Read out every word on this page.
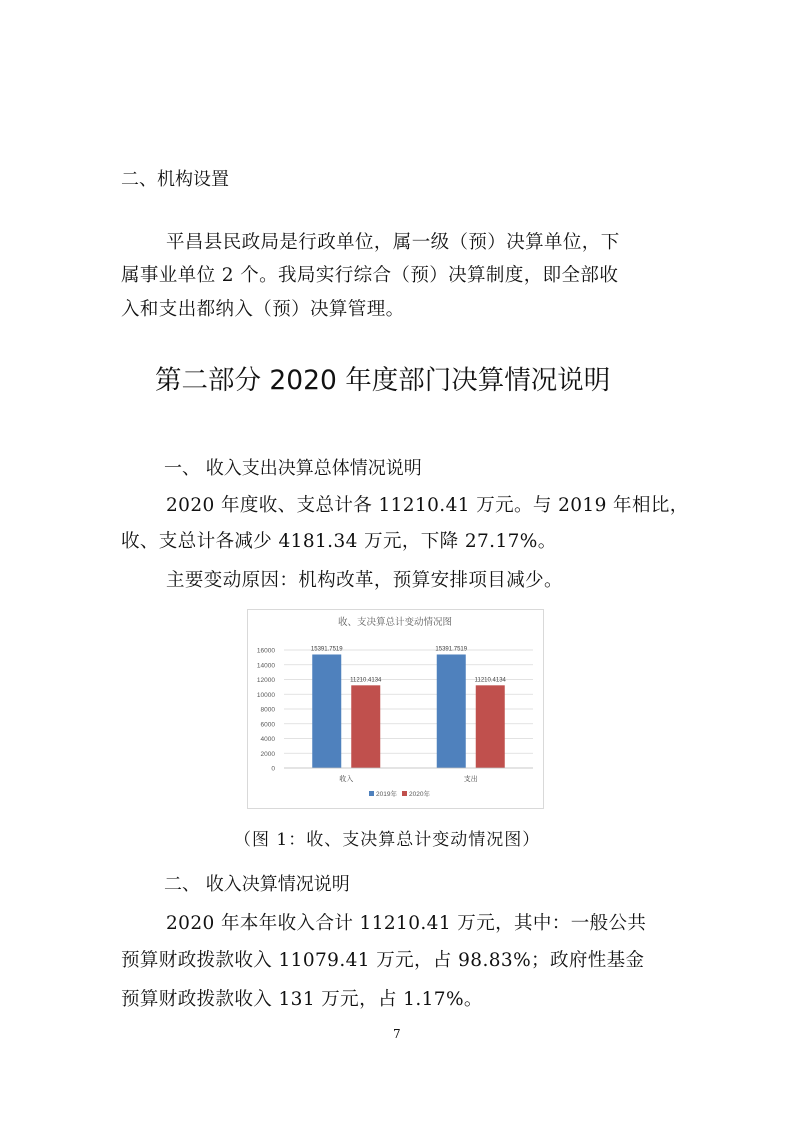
二、机构设置
平昌县民政局是行政单位，属一级（预）决算单位，下
属事业单位 2 个。我局实行综合（预）决算制度，即全部收
入和支出都纳入（预）决算管理。
第二部分 2020 年度部门决算情况说明
一、 收入支出决算总体情况说明
2020 年度收、支总计各 11210.41 万元。与 2019 年相比，
收、支总计各减少 4181.34 万元，下降 27.17%。
主要变动原因：机构改革，预算安排项目减少。
收、支决算总计变动情况图
0
2000
4000
6000
8000
10000
12000
14000
16000	15391.7519
11210.4134
收入
15391.7519
11210.4134
支出
2019年 2020年
（图 1：收、支决算总计变动情况图）
二、 收入决算情况说明
2020 年本年收入合计 11210.41 万元，其中：一般公共
预算财政拨款收入 11079.41 万元，占 98.83%；政府性基金
预算财政拨款收入 131 万元，占 1.17%。
7
